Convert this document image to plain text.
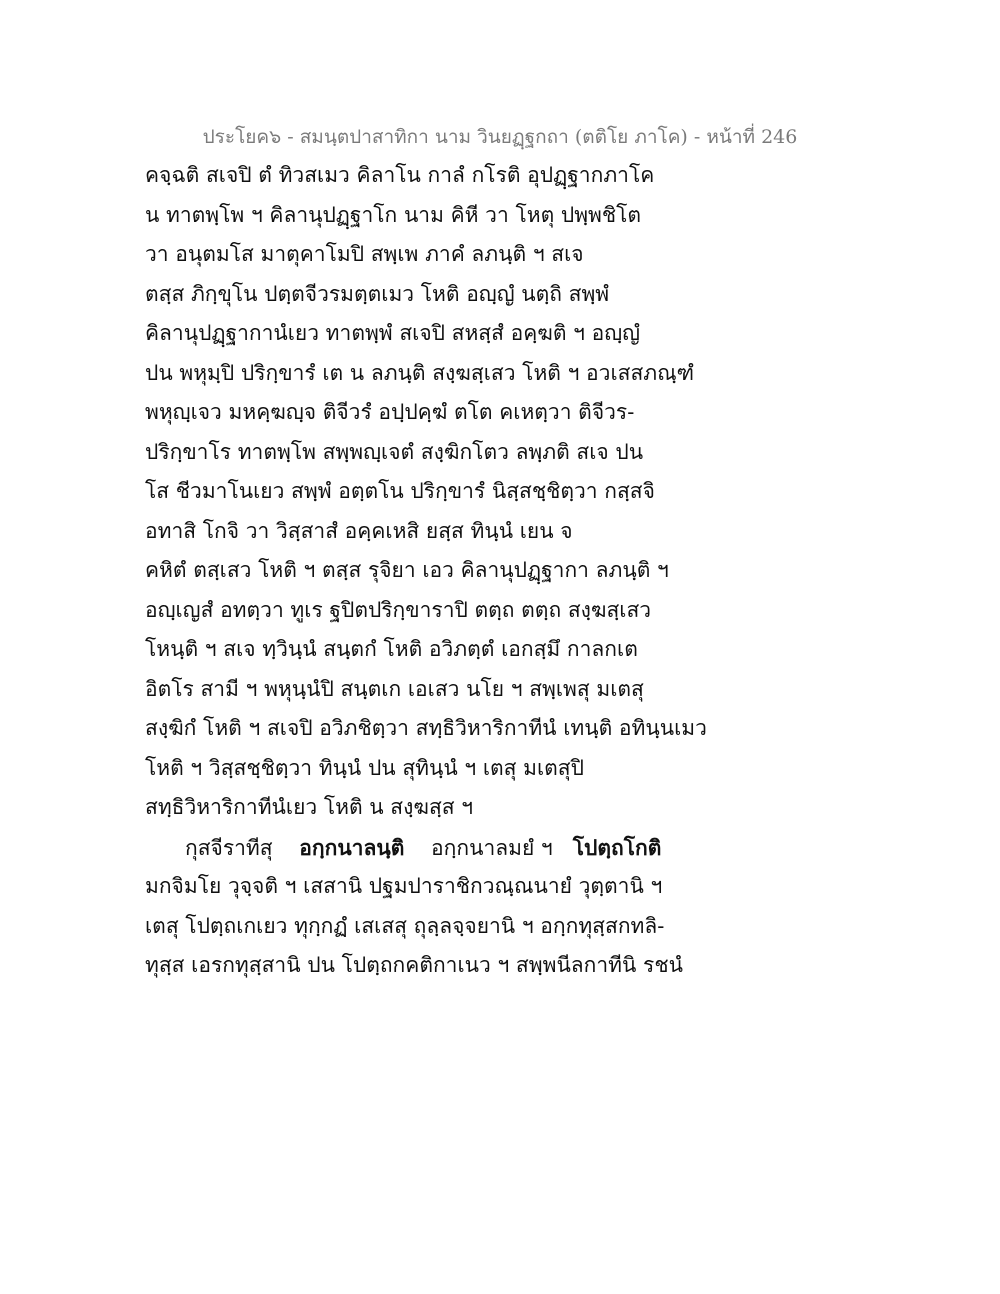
ประโยค๖ - สมนฺตปาสาทิกา นาม วินยฏฺฐกถา (ตติโย ภาโค) - หน้าที่ 246
คจฺฉติ สเจปิ ตํ ทิวสเมว คิลาโน กาลํ กโรติ อุปฏฺฐากภาโค
น ทาตพฺโพ ฯ คิลานุปฏฺฐาโก นาม คิหี วา โหตุ ปพฺพชิโต
วา อนุตมโส มาตุคาโมปิ สพฺเพ ภาคํ ลภนฺติ ฯ สเจ
ตสฺส ภิกฺขุโน ปตฺตจีวรมตฺตเมว โหติ อญฺญํ นตฺถิ สพฺพํ
คิลานุปฏฺฐากานํเยว ทาตพฺพํ สเจปิ สหสฺสํ อคฺฆติ ฯ อญฺญํ
ปน พหุมฺปิ ปริกฺขารํ เต น ลภนฺติ สงฺฆสฺเสว โหติ ฯ อวเสสภณฺฑํ
พหุญฺเจว มหคฺฆญฺจ ติจีวรํ อปฺปคฺฆํ ตโต คเหตฺวา ติจีวร-
ปริกฺขาโร ทาตพฺโพ สพฺพญฺเจตํ สงฺฆิกโตว ลพฺภติ สเจ ปน
โส ชีวมาโนเยว สพฺพํ อตฺตโน ปริกฺขารํ นิสฺสชฺชิตฺวา กสฺสจิ
อทาสิ โกจิ วา วิสฺสาสํ อคฺคเหสิ ยสฺส ทินฺนํ เยน จ
คหิตํ ตสฺเสว โหติ ฯ ตสฺส รุจิยา เอว คิลานุปฏฺฐากา ลภนฺติ ฯ
อญฺเญสํ อทตฺวา ทูเร ฐปิตปริกฺขาราปิ ตตฺถ ตตฺถ สงฺฆสฺเสว
โหนฺติ ฯ สเจ ทฺวินฺนํ สนฺตกํ โหติ อวิภตฺตํ เอกสฺมึ กาลกเต
อิตโร สามี ฯ พหุนฺนํปิ สนฺตเก เอเสว นโย ฯ สพฺเพสุ มเตสุ
สงฺฆิกํ โหติ ฯ สเจปิ อวิภชิตฺวา สทฺธิวิหาริกาทีนํ เทนฺติ อทินฺนเมว
โหติ ฯ วิสฺสชฺชิตฺวา ทินฺนํ ปน สุทินฺนํ ฯ เตสุ มเตสุปิ
สทฺธิวิหาริกาทีนํเยว โหติ น สงฺฆสฺส ฯ
กุสจีราทีสุ อกฺกนาลนฺติ อกฺกนาลมยํ ฯ โปตฺถโกติ
มกจิมโย วุจฺจติ ฯ เสสานิ ปฐมปาราชิกวณฺณนายํ วุตฺตานิ ฯ
เตสุ โปตฺถเกเยว ทุกฺกฏํ เสเสสุ ถุลฺลจฺจยานิ ฯ อกฺกทุสฺสกทลิ-
ทุสฺส เอรกทุสฺสานิ ปน โปตฺถกคติกาเนว ฯ สพฺพนีลกาทีนิ รชนํ
